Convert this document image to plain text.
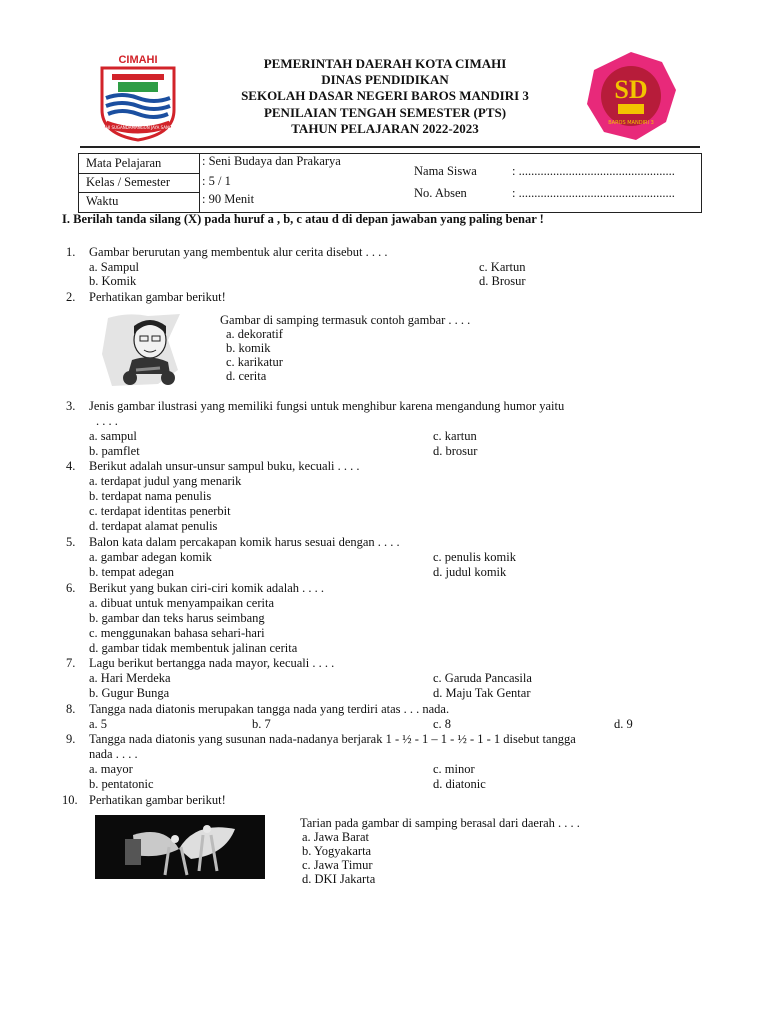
CIMAHI
CIMAHI SUGANDAMANGUN JAYA SANGKAR
SD
BAROS MANDIRI 3
PEMERINTAH DAERAH KOTA CIMAHI
DINAS PENDIDIKAN
SEKOLAH DASAR NEGERI BAROS MANDIRI 3
PENILAIAN TENGAH SEMESTER (PTS)
TAHUN PELAJARAN 2022-2023
Mata Pelajaran	: Seni Budaya dan Prakarya
Kelas / Semester	: 5 / 1
Waktu	: 90 Menit
Nama Siswa	: ..................................................
No. Absen	: ..................................................
I. Berilah tanda silang (X) pada huruf a , b, c atau d di depan jawaban yang paling benar !
1. Gambar berurutan yang membentuk alur cerita disebut . . . .
a. Sampul
b. Komik
c. Kartun
d. Brosur
2. Perhatikan gambar berikut!
Gambar di samping termasuk contoh gambar . . . .
a. dekoratif
b. komik
c. karikatur
d. cerita
3. Jenis gambar ilustrasi yang memiliki fungsi untuk menghibur karena mengandung humor yaitu
. . . .
a. sampul
b. pamflet
c. kartun
d. brosur
4. Berikut adalah unsur-unsur sampul buku, kecuali . . . .
a. terdapat judul yang menarik
b. terdapat nama penulis
c. terdapat identitas penerbit
d. terdapat alamat penulis
5. Balon kata dalam percakapan komik harus sesuai dengan . . . .
a. gambar adegan komik
b. tempat adegan
c. penulis komik
d. judul komik
6. Berikut yang bukan ciri-ciri komik adalah . . . .
a. dibuat untuk menyampaikan cerita
b. gambar dan teks harus seimbang
c. menggunakan bahasa sehari-hari
d. gambar tidak membentuk jalinan cerita
7. Lagu berikut bertangga nada mayor, kecuali . . . .
a. Hari Merdeka
b. Gugur Bunga
c. Garuda Pancasila
d. Maju Tak Gentar
8. Tangga nada diatonis merupakan tangga nada yang terdiri atas . . . nada.
a. 5	b. 7	c. 8	d. 9
9. Tangga nada diatonis yang susunan nada-nadanya berjarak 1 - ½ - 1 – 1 - ½ - 1 - 1 disebut tangga
nada . . . .
a. mayor
b. pentatonic
c. minor
d. diatonic
10. Perhatikan gambar berikut!
Tarian pada gambar di samping berasal dari daerah . . . .
a. Jawa Barat
b. Yogyakarta
c. Jawa Timur
d. DKI Jakarta
